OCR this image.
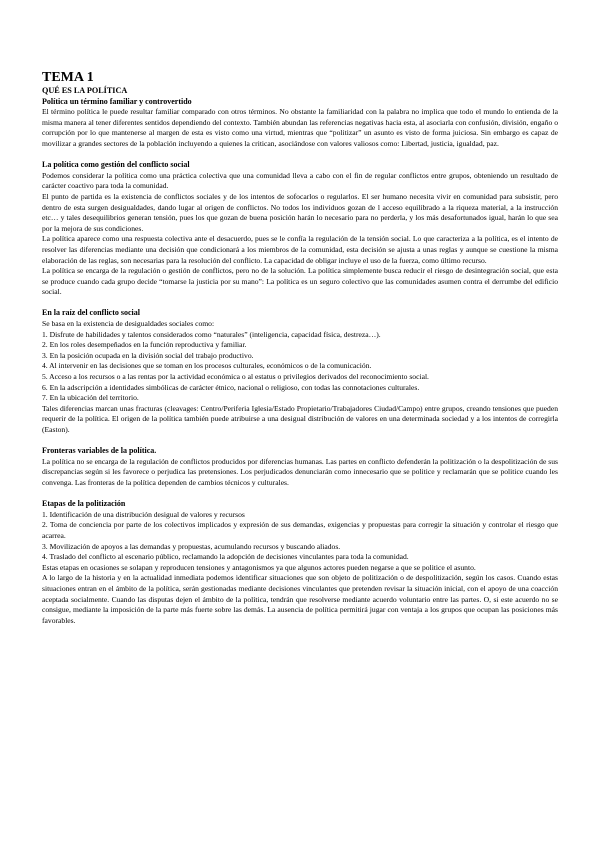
TEMA 1
QUÉ ES LA POLÍTICA
Política un término familiar y controvertido

El término política le puede resultar familiar comparado con otros términos. No obstante la familiaridad con la palabra no implica que todo el mundo lo entienda de la misma manera al tener diferentes sentidos dependiendo del contexto. También abundan las referencias negativas hacia esta, al asociarla con confusión, división, engaño o corrupción por lo que mantenerse al margen de esta es visto como una virtud, mientras que “politizar” un asunto es visto de forma juiciosa. Sin embargo es capaz de movilizar a grandes sectores de la población incluyendo a quienes la critican, asociándose con valores valiosos como: Libertad, justicia, igualdad, paz.

La política como gestión del conflicto social

Podemos considerar la política como una práctica colectiva que una comunidad lleva a cabo con el fin de regular conflictos entre grupos, obteniendo un resultado de carácter coactivo para toda la comunidad.

El punto de partida es la existencia de conflictos sociales y de los intentos de sofocarlos o regularlos. El ser humano necesita vivir en comunidad para subsistir, pero dentro de esta surgen desigualdades, dando lugar al origen de conflictos. No todos los individuos gozan de l acceso equilibrado a la riqueza material, a la instrucción etc… y tales desequilibrios generan tensión, pues los que gozan de buena posición harán lo necesario para no perderla, y los más desafortunados igual, harán lo que sea por la mejora de sus condiciones.

La política aparece como una respuesta colectiva ante el desacuerdo, pues se le confía la regulación de la tensión social. Lo que caracteriza a la política, es el intento de resolver las diferencias mediante una decisión que condicionará a los miembros de la comunidad, esta decisión se ajusta a unas reglas y aunque se cuestione la misma elaboración de las reglas, son necesarias para la resolución del conflicto. La capacidad de obligar incluye el uso de la fuerza, como último recurso.

La política se encarga de la regulación o gestión de conflictos, pero no de la solución. La política simplemente busca reducir el riesgo de desintegración social, que esta se produce cuando cada grupo decide “tomarse la justicia por su mano”: La política es un seguro colectivo que las comunidades asumen contra el derrumbe del edificio social.

En la raíz del conflicto social

Se basa en la existencia de desigualdades sociales como:

1. Disfrute de habilidades y talentos considerados como “naturales” (inteligencia, capacidad física, destreza…).

2. En los roles desempeñados en la función reproductiva y familiar.

3. En la posición ocupada en la división social del trabajo productivo.

4. Al intervenir en las decisiones que se toman en los procesos culturales, económicos o de la comunicación.

5. Acceso a los recursos o a las rentas por la actividad económica o al estatus o privilegios derivados del reconocimiento social.

6. En la adscripción a identidades simbólicas de carácter étnico, nacional o religioso, con todas las connotaciones culturales.

7. En la ubicación del territorio.

Tales diferencias marcan unas fracturas (cleavages: Centro/Periferia Iglesia/Estado Propietario/Trabajadores Ciudad/Campo) entre grupos, creando tensiones que pueden requerir de la política. El origen de la política también puede atribuirse a una desigual distribución de valores en una determinada sociedad y a los intentos de corregirla (Easton).

Fronteras variables de la política.

La política no se encarga de la regulación de conflictos producidos por diferencias humanas. Las partes en conflicto defenderán la politización o la despolitización de sus discrepancias según si les favorece o perjudica las pretensiones. Los perjudicados denunciarán como innecesario que se politice y reclamarán que se politice cuando les convenga. Las fronteras de la política dependen de cambios técnicos y culturales.

Etapas de la politización

1. Identificación de una distribución desigual de valores y recursos

2. Toma de conciencia por parte de los colectivos implicados y expresión de sus demandas, exigencias y propuestas para corregir la situación y controlar el riesgo que acarrea.

3. Movilización de apoyos a las demandas y propuestas, acumulando recursos y buscando aliados.

4. Traslado del conflicto al escenario público, reclamando la adopción de decisiones vinculantes para toda la comunidad.

Estas etapas en ocasiones se solapan y reproducen tensiones y antagonismos ya que algunos actores pueden negarse a que se politice el asunto.

A lo largo de la historia y en la actualidad inmediata podemos identificar situaciones que son objeto de politización o de despolitización, según los casos. Cuando estas situaciones entran en el ámbito de la política, serán gestionadas mediante decisiones vinculantes que pretenden revisar la situación inicial, con el apoyo de una coacción aceptada socialmente. Cuando las disputas dejen el ámbito de la política, tendrán que resolverse mediante acuerdo voluntario entre las partes. O, si este acuerdo no se consigue, mediante la imposición de la parte más fuerte sobre las demás. La ausencia de política permitirá jugar con ventaja a los grupos que ocupan las posiciones más favorables.
